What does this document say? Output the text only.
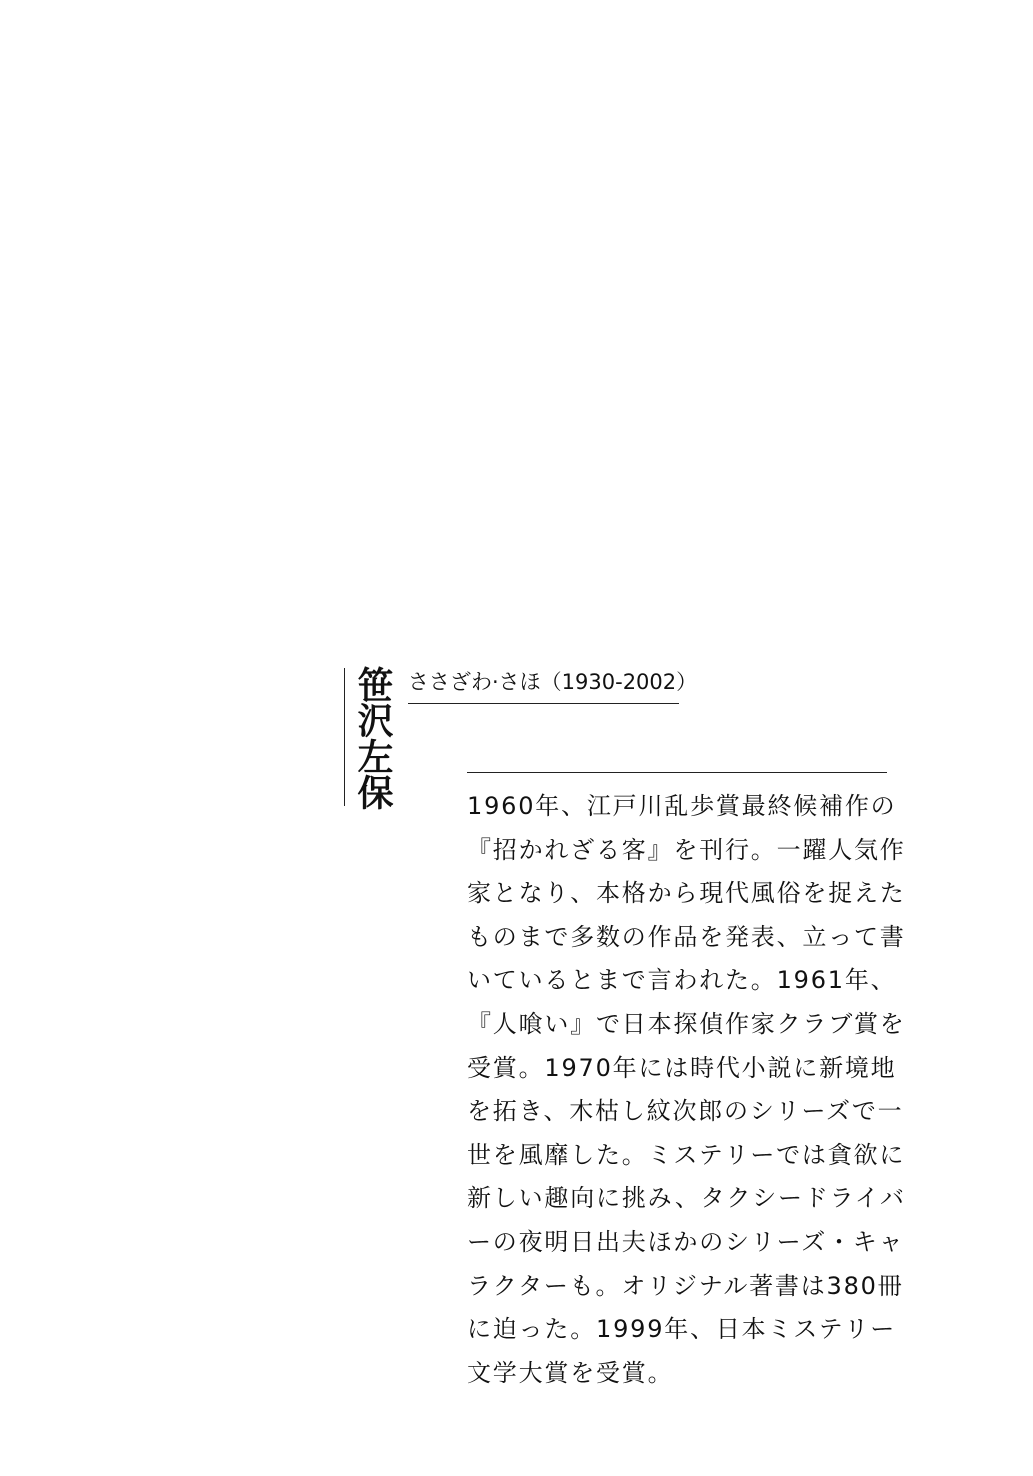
笹沢左保 ささざわ·さほ（1930-2002）
1960年、江戸川乱歩賞最終候補作の
『招かれざる客』を刊行。一躍人気作
家となり、本格から現代風俗を捉えた
ものまで多数の作品を発表、立って書
いているとまで言われた。1961年、
『人喰い』で日本探偵作家クラブ賞を
受賞。1970年には時代小説に新境地
を拓き、木枯し紋次郎のシリーズで一
世を風靡した。ミステリーでは貪欲に
新しい趣向に挑み、タクシードライバ
ーの夜明日出夫ほかのシリーズ・キャ
ラクターも。オリジナル著書は380冊
に迫った。1999年、日本ミステリー
文学大賞を受賞。
